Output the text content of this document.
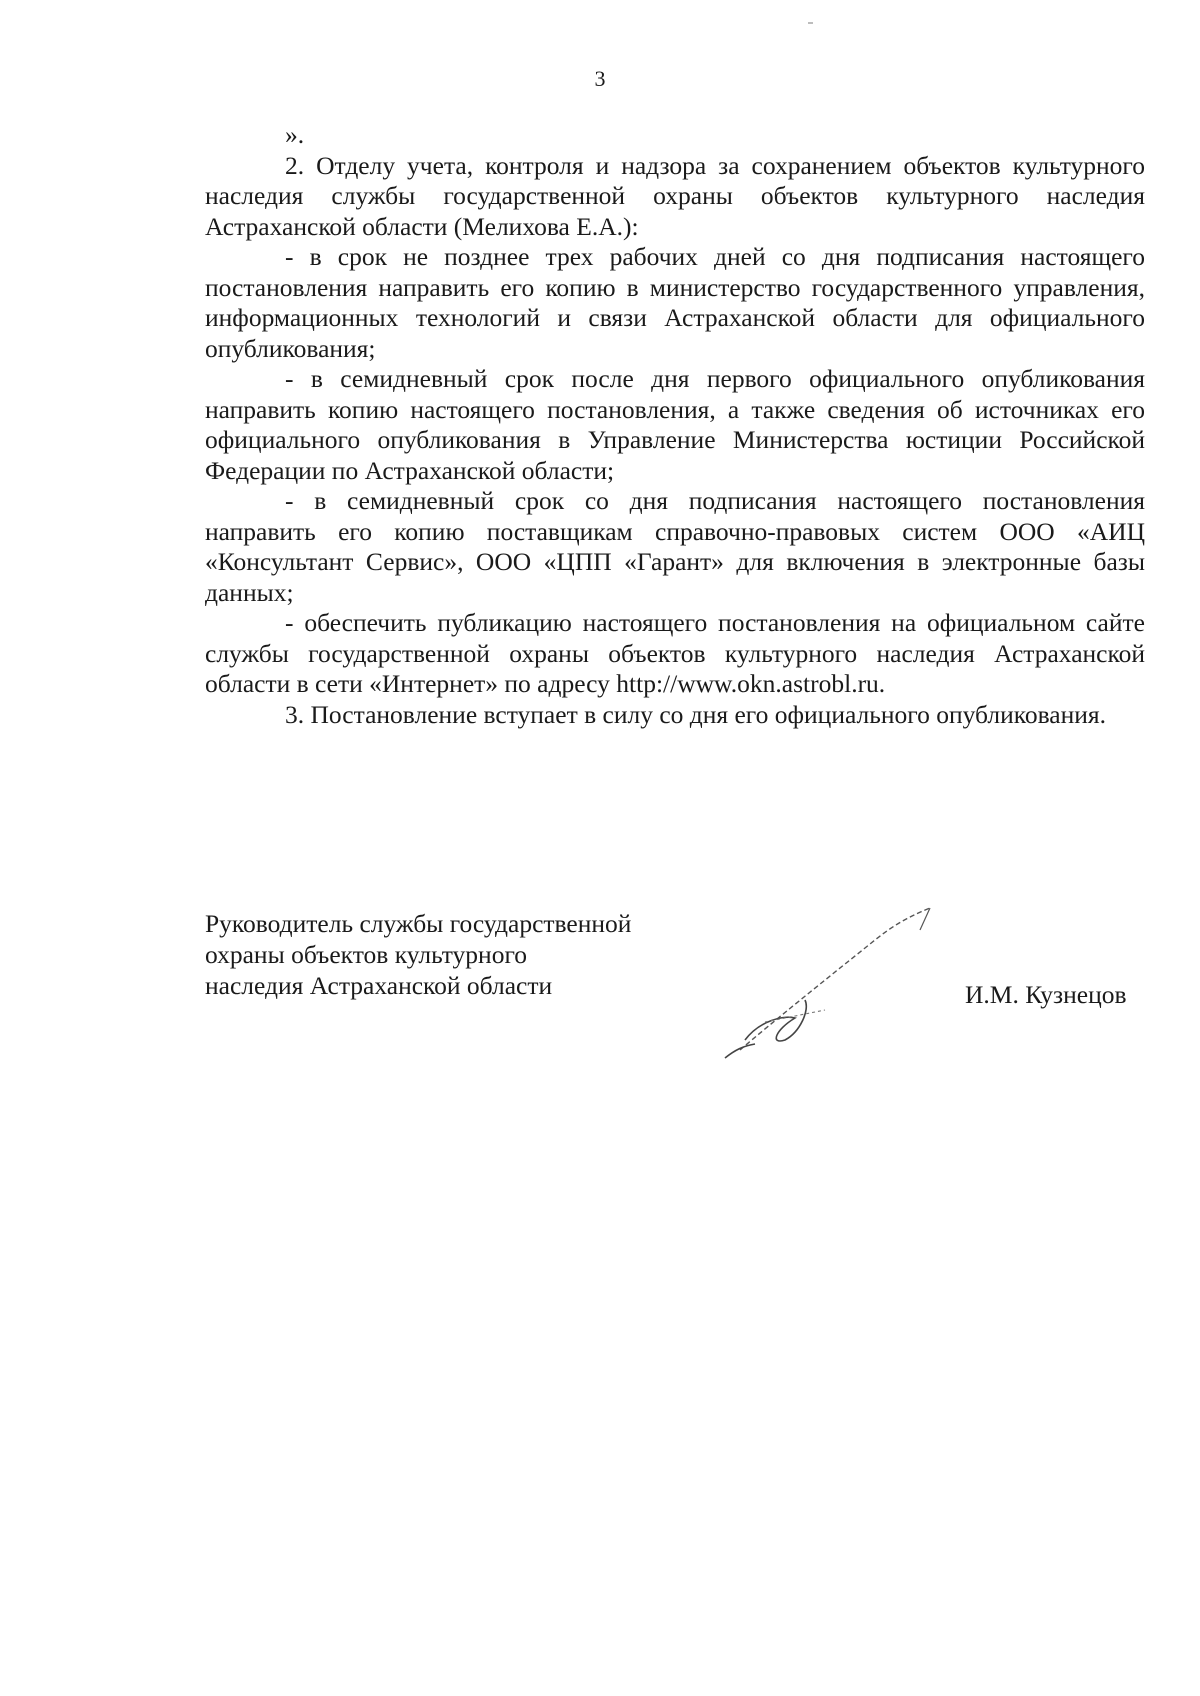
3

».

2. Отделу учета, контроля и надзора за сохранением объектов культурного наследия службы государственной охраны объектов культурного наследия Астраханской области (Мелихова Е.А.):

- в срок не позднее трех рабочих дней со дня подписания настоящего постановления направить его копию в министерство государственного управления, информационных технологий и связи Астраханской области для официального опубликования;

- в семидневный срок после дня первого официального опубликования направить копию настоящего постановления, а также сведения об источниках его официального опубликования в Управление Министерства юстиции Российской Федерации по Астраханской области;

- в семидневный срок со дня подписания настоящего постановления направить его копию поставщикам справочно-правовых систем ООО «АИЦ «Консультант Сервис», ООО «ЦПП «Гарант» для включения в электронные базы данных;

- обеспечить публикацию настоящего постановления на официальном сайте службы государственной охраны объектов культурного наследия Астраханской области в сети «Интернет» по адресу http://www.okn.astrobl.ru.

3. Постановление вступает в силу со дня его официального опубликования.

Руководитель службы государственной
охраны объектов культурного
наследия Астраханской области	И.М. Кузнецов
